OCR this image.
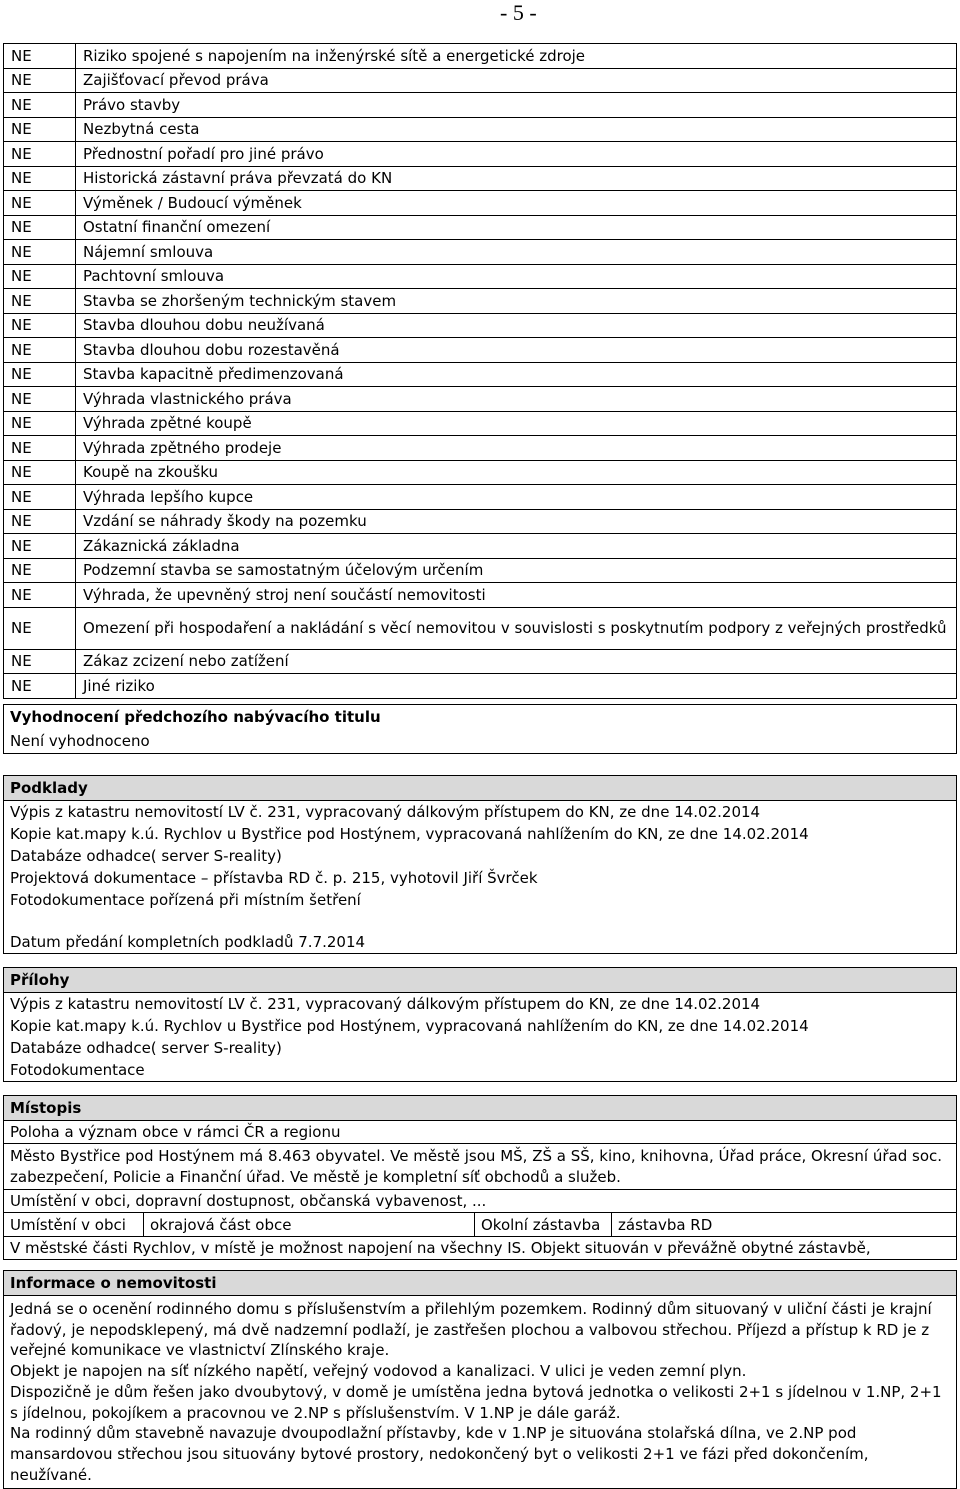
- 5 -
NE	Riziko spojené s napojením na inženýrské sítě a energetické zdroje
NE	Zajišťovací převod práva
NE	Právo stavby
NE	Nezbytná cesta
NE	Přednostní pořadí pro jiné právo
NE	Historická zástavní práva převzatá do KN
NE	Výměnek / Budoucí výměnek
NE	Ostatní finanční omezení
NE	Nájemní smlouva
NE	Pachtovní smlouva
NE	Stavba se zhoršeným technickým stavem
NE	Stavba dlouhou dobu neužívaná
NE	Stavba dlouhou dobu rozestavěná
NE	Stavba kapacitně předimenzovaná
NE	Výhrada vlastnického práva
NE	Výhrada zpětné koupě
NE	Výhrada zpětného prodeje
NE	Koupě na zkoušku
NE	Výhrada lepšího kupce
NE	Vzdání se náhrady škody na pozemku
NE	Zákaznická základna
NE	Podzemní stavba se samostatným účelovým určením
NE	Výhrada, že upevněný stroj není součástí nemovitosti
NE	Omezení při hospodaření a nakládání s věcí nemovitou v souvislosti s poskytnutím podpory z veřejných prostředků
NE	Zákaz zcizení nebo zatížení
NE	Jiné riziko
Vyhodnocení předchozího nabývacího titulu
Není vyhodnoceno
Podklady
Výpis z katastru nemovitostí LV č. 231, vypracovaný dálkovým přístupem do KN, ze dne 14.02.2014
Kopie kat.mapy k.ú. Rychlov u Bystřice pod Hostýnem, vypracovaná nahlížením do KN, ze dne 14.02.2014
Databáze odhadce( server S-reality)
Projektová dokumentace – přístavba RD č. p. 215, vyhotovil Jiří Švrček
Fotodokumentace pořízená při místním šetření
Datum předání kompletních podkladů 7.7.2014
Přílohy
Výpis z katastru nemovitostí LV č. 231, vypracovaný dálkovým přístupem do KN, ze dne 14.02.2014
Kopie kat.mapy k.ú. Rychlov u Bystřice pod Hostýnem, vypracovaná nahlížením do KN, ze dne 14.02.2014
Databáze odhadce( server S-reality)
Fotodokumentace
Místopis
Poloha a význam obce v rámci ČR a regionu
Město Bystřice pod Hostýnem má 8.463 obyvatel. Ve městě jsou MŠ, ZŠ a SŠ, kino, knihovna, Úřad práce, Okresní úřad soc. zabezpečení, Policie a Finanční úřad. Ve městě je kompletní síť obchodů a služeb.
Umístění v obci, dopravní dostupnost, občanská vybavenost, ...
Umístění v obci	okrajová část obce	Okolní zástavba	zástavba RD
V městské části Rychlov, v místě je možnost napojení na všechny IS. Objekt situován v převážně obytné zástavbě,
Informace o nemovitosti
Jedná se o ocenění rodinného domu s příslušenstvím a přilehlým pozemkem. Rodinný dům situovaný v uliční části je krajní řadový, je nepodsklepený, má dvě nadzemní podlaží, je zastřešen plochou a valbovou střechou. Příjezd a přístup k RD je z veřejné komunikace ve vlastnictví Zlínského kraje.
Objekt je napojen na síť nízkého napětí, veřejný vodovod a kanalizaci. V ulici je veden zemní plyn.
Dispozičně je dům řešen jako dvoubytový, v domě je umístěna jedna bytová jednotka o velikosti 2+1 s jídelnou v 1.NP, 2+1 s jídelnou, pokojíkem a pracovnou ve 2.NP s příslušenstvím. V 1.NP je dále garáž.
Na rodinný dům stavebně navazuje dvoupodlažní přístavby, kde v 1.NP je situována stolařská dílna, ve 2.NP pod mansardovou střechou jsou situovány bytové prostory, nedokončený byt o velikosti 2+1 ve fázi před dokončením, neužívané.
